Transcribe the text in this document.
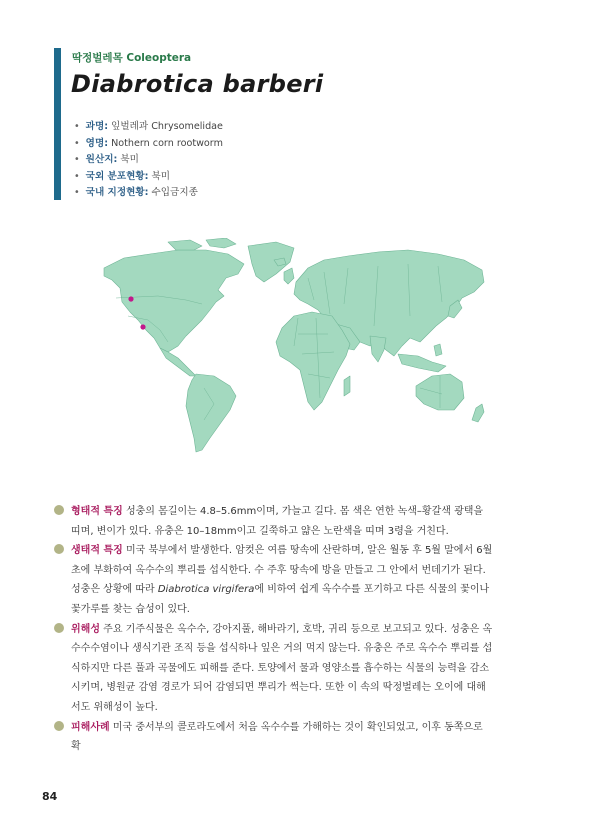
딱정벌레목 Coleoptera
Diabrotica barberi
• 과명: 잎벌레과 Chrysomelidae
• 영명: Nothern corn rootworm
• 원산지: 북미
• 국외 분포현황: 북미
• 국내 지정현황: 수입금지종

형태적 특징 성충의 몸길이는 4.8–5.6mm이며, 가늘고 길다. 몸 색은 연한 녹색–황갈색 광택을 띠며, 변이가 있다. 유충은 10–18mm이고 길쭉하고 얇은 노란색을 띠며 3령을 거친다.

생태적 특징 미국 북부에서 발생한다. 암컷은 여름 땅속에 산란하며, 알은 월동 후 5월 말에서 6월 초에 부화하여 옥수수의 뿌리를 섭식한다. 수 주후 땅속에 방을 만들고 그 안에서 번데기가 된다. 성충은 상황에 따라 Diabrotica virgifera에 비하여 쉽게 옥수수를 포기하고 다른 식물의 꽃이나 꽃가루를 찾는 습성이 있다.

위해성 주요 기주식물은 옥수수, 강아지풀, 해바라기, 호박, 귀리 등으로 보고되고 있다. 성충은 옥수수수염이나 생식기관 조직 등을 섭식하나 잎은 거의 먹지 않는다. 유충은 주로 옥수수 뿌리를 섭식하지만 다른 풀과 곡물에도 피해를 준다. 토양에서 물과 영양소를 흡수하는 식물의 능력을 감소시키며, 병원균 감염 경로가 되어 감염되면 뿌리가 썩는다. 또한 이 속의 딱정벌레는 오이에 대해서도 위해성이 높다.

피해사례 미국 중서부의 콜로라도에서 처음 옥수수를 가해하는 것이 확인되었고, 이후 동쪽으로 확

84
